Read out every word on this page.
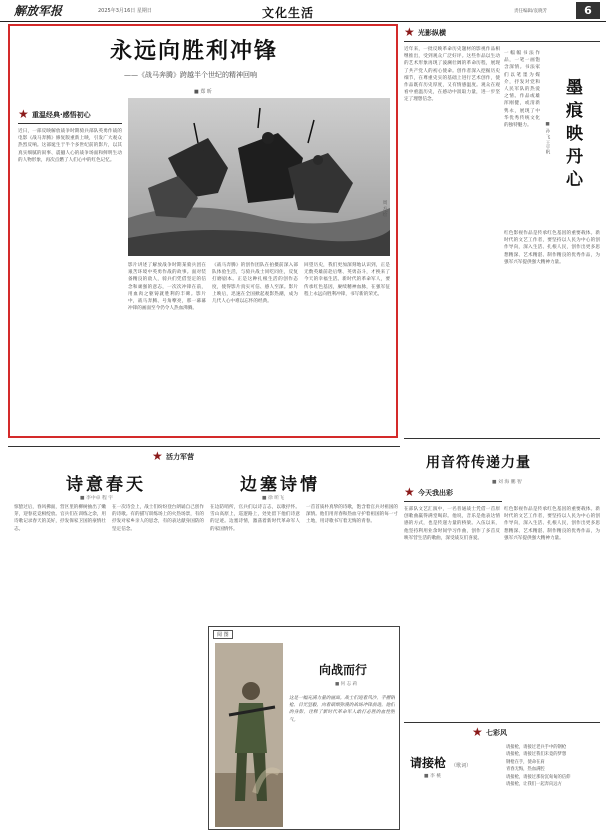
解放军报	2025年3月16日 星期日	文化生活	责任编辑/袁晓芳	6
永远向胜利冲锋
——《战马奔腾》跨越半个世纪的精神回响
■ 郑 昕
★
重温经典·感悟初心
近日，一部反映解放战争时期骑兵部队英勇作战的电影《战马奔腾》修复版重新上映，引发广大观众热烈反响。这部诞生于半个多世纪前的影片，以其真实细腻的叙事、震撼人心的战争场面和鲜明生动的人物形象，再次点燃了人们心中的红色记忆。
周 方/绘
影片讲述了解放战争时期某骑兵团在艰苦环境中英勇作战的故事。面对装备精良的敌人，骑兵们凭借坚定的信念和顽强的意志，一次次冲锋在前，用血肉之躯铸就胜利的丰碑。影片中，战马奔腾、号角嘹亮，那一幕幕冲锋的画面至今仍令人热血沸腾。
《战马奔腾》的创作团队在拍摄前深入部队体验生活，与骑兵战士同吃同住，反复打磨剧本。正是这种扎根生活的创作态度，使得影片真实可信、感人至深。影片上映后，迅速在全国掀起观影热潮，成为几代人心中难以忘怀的经典。
回望历史，我们更加深刻地认识到，正是无数英雄前赴后继、英勇奋斗，才换来了今天的幸福生活。新时代的革命军人，要传承红色基因，赓续精神血脉，在强军征程上永远向胜利冲锋，书写新的荣光。
★
光影纵横
近年来，一批反映革命历史题材的影视作品相继推出，受到观众广泛好评。这些作品以生动的艺术形象再现了波澜壮阔的革命历程，展现了共产党人的初心使命。创作者深入挖掘历史细节，在尊重史实的基础上进行艺术创作，使作品既有历史厚度，又有情感温度。观众在观看中重温历史，在感动中汲取力量，进一步坚定了理想信念。
红色影视作品是传承红色基因的重要载体。新时代的文艺工作者，要坚持以人民为中心的创作导向，深入生活、扎根人民，创作出更多思想精深、艺术精湛、制作精良的优秀作品，为强军兴军提供强大精神力量。
墨痕映丹心
■ 孙 飞 王宇帆
一幅幅书法作品，一笔一画饱含深情。书法家们以笔墨为媒介，抒发对党和人民军队的热爱之情。作品或雄浑刚健，或清新隽永，展现了中华优秀传统文化的独特魅力。
★
活力军营
诗意春天
■ 李中卓 程 宇
边塞诗情
■ 徐 昕飞
惊蛰过后，春风拂面，营区里的柳树抽出了嫩芽，迎春花竞相绽放。官兵们在训练之余，用诗歌记录春天的美好，抒发保家卫国的豪情壮志。
在一次诗会上，战士们纷纷登台朗诵自己创作的诗歌。有的描写训练场上的火热场景，有的抒发对家乡亲人的思念，有的表达献身国防的坚定信念。
在边防哨所，官兵们以诗言志，以歌抒怀。雪山高原上，巡逻路上，处处留下他们诗意的足迹。边塞诗情，激荡着新时代革命军人的家国情怀。
一首首质朴真挚的诗歌，饱含着官兵对祖国的深情。他们用青春和热血守护着祖国的每一寸土地，用诗歌书写着无悔的青春。
阅 图
向战而行
■ 何 志 莉
这是一幅充满力量的画面。战士们迎着风沙，手握钢枪，目光坚毅，向着硝烟弥漫的战场冲锋前进。他们的身影，诠释了新时代革命军人敢打必胜的血性胆气。
用音符传递力量
■ 刘 海 鹏 智
★
今天我出彩
在部队文艺汇演中，一名普通战士凭借一首原创歌曲赢得满堂喝彩。他说，音乐是他表达情感的方式，也是传递力量的桥梁。入伍以来，他坚持利用业余时间学习作曲，创作了多首反映军营生活的歌曲，深受战友们喜爱。
红色影视作品是传承红色基因的重要载体。新时代的文艺工作者，要坚持以人民为中心的创作导向，深入生活、扎根人民，创作出更多思想精深、艺术精湛、制作精良的优秀作品，为强军兴军提供强大精神力量。
★
七彩风
请接枪 （歌词）
■ 李 桃
请接枪，请接过老兵手中的钢枪
请接枪，请接过我们未竟的梦想
钢枪在手，使命在肩
青春无悔，热血满腔
请接枪，请接过那份沉甸甸的信仰
请接枪，让我们一起奔向远方
